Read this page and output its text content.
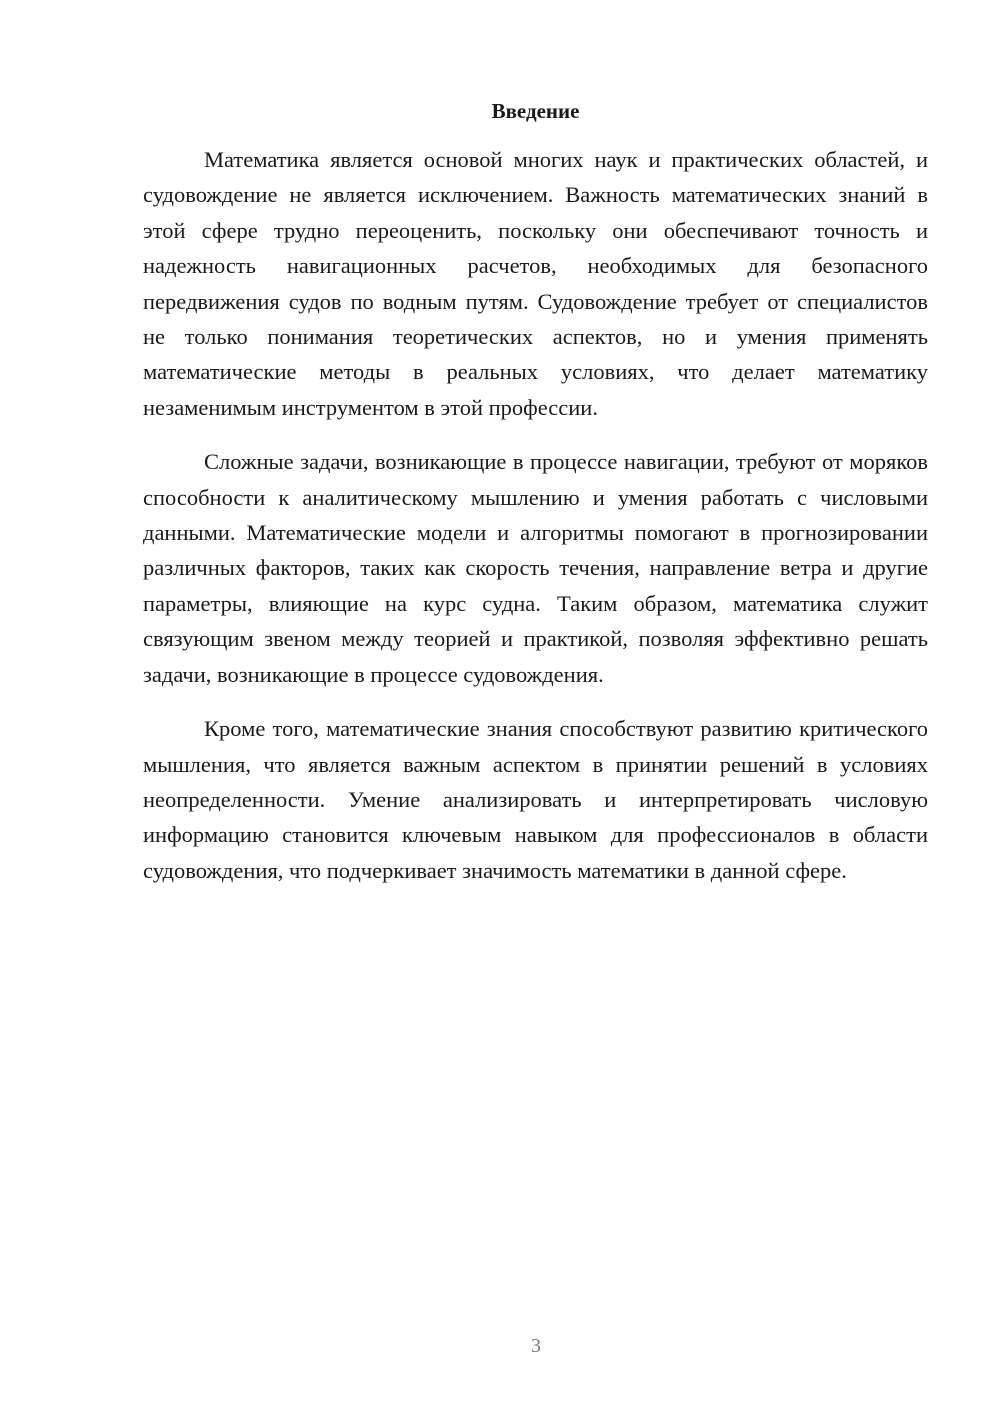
Введение

Математика является основой многих наук и практических областей, и судовождение не является исключением. Важность математических знаний в этой сфере трудно переоценить, поскольку они обеспечивают точность и надежность навигационных расчетов, необходимых для безопасного передвижения судов по водным путям. Судовождение требует от специалистов не только понимания теоретических аспектов, но и умения применять математические методы в реальных условиях, что делает математику незаменимым инструментом в этой профессии.

Сложные задачи, возникающие в процессе навигации, требуют от моряков способности к аналитическому мышлению и умения работать с числовыми данными. Математические модели и алгоритмы помогают в прогнозировании различных факторов, таких как скорость течения, направление ветра и другие параметры, влияющие на курс судна. Таким образом, математика служит связующим звеном между теорией и практикой, позволяя эффективно решать задачи, возникающие в процессе судовождения.

Кроме того, математические знания способствуют развитию критического мышления, что является важным аспектом в принятии решений в условиях неопределенности. Умение анализировать и интерпретировать числовую информацию становится ключевым навыком для профессионалов в области судовождения, что подчеркивает значимость математики в данной сфере.

3
